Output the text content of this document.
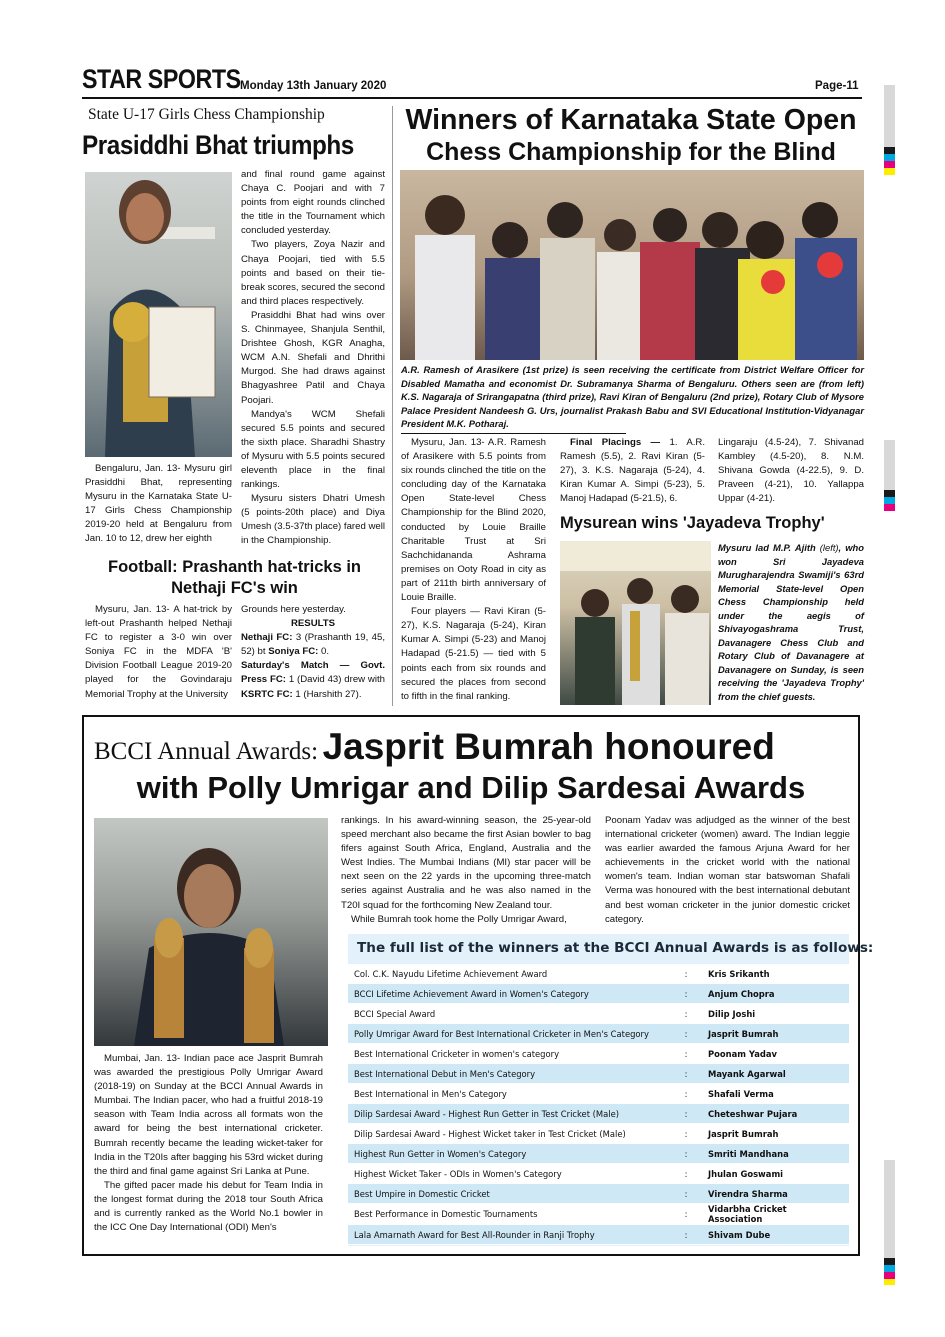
STAR SPORTS Monday 13th January 2020	Page-11
State U-17 Girls Chess Championship
Prasiddhi Bhat triumphs

Bengaluru, Jan. 13- Mysuru girl Prasiddhi Bhat, representing Mysuru in the Karnataka State U-17 Girls Chess Championship 2019-20 held at Bengaluru from Jan. 10 to 12, drew her eighth

and final round game against Chaya C. Poojari and with 7 points from eight rounds clinched the title in the Tournament which concluded yesterday.

Two players, Zoya Nazir and Chaya Poojari, tied with 5.5 points and based on their tie-break scores, secured the second and third places respectively.

Prasiddhi Bhat had wins over S. Chinmayee, Shanjula Senthil, Drishtee Ghosh, KGR Anagha, WCM A.N. Shefali and Dhrithi Murgod. She had draws against Bhagyashree Patil and Chaya Poojari.

Mandya's WCM Shefali secured 5.5 points and secured the sixth place. Sharadhi Shastry of Mysuru with 5.5 points secured eleventh place in the final rankings.

Mysuru sisters Dhatri Umesh (5 points-20th place) and Diya Umesh (3.5-37th place) fared well in the Championship.

Football: Prashanth hat-tricks in Nethaji FC's win

Mysuru, Jan. 13- A hat-trick by left-out Prashanth helped Nethaji FC to register a 3-0 win over Soniya FC in the MDFA 'B' Division Football League 2019-20 played for the Govindaraju Memorial Trophy at the University

Grounds here yesterday.

RESULTS

Nethaji FC: 3 (Prashanth 19, 45, 52) bt Soniya FC: 0.

Saturday's Match — Govt. Press FC: 1 (David 43) drew with KSRTC FC: 1 (Harshith 27).

Winners of Karnataka State Open
Chess Championship for the Blind
A.R. Ramesh of Arasikere (1st prize) is seen receiving the certificate from District Welfare Officer for Disabled Mamatha and economist Dr. Subramanya Sharma of Bengaluru. Others seen are (from left) K.S. Nagaraja of Srirangapatna (third prize), Ravi Kiran of Bengaluru (2nd prize), Rotary Club of Mysore Palace President Nandeesh G. Urs, journalist Prakash Babu and SVI Educational Institution-Vidyanagar President M.K. Potharaj.

Mysuru, Jan. 13- A.R. Ramesh of Arasikere with 5.5 points from six rounds clinched the title on the concluding day of the Karnataka Open State-level Chess Championship for the Blind 2020, conducted by Louie Braille Charitable Trust at Sri Sachchidananda Ashrama premises on Ooty Road in city as part of 211th birth anniversary of Louie Braille.

Four players — Ravi Kiran (5-27), K.S. Nagaraja (5-24), Kiran Kumar A. Simpi (5-23) and Manoj Hadapad (5-21.5) — tied with 5 points each from six rounds and secured the places from second to fifth in the final ranking.

Final Placings — 1. A.R. Ramesh (5.5), 2. Ravi Kiran (5-27), 3. K.S. Nagaraja (5-24), 4. Kiran Kumar A. Simpi (5-23), 5. Manoj Hadapad (5-21.5), 6.

Lingaraju (4.5-24), 7. Shivanad Kambley (4.5-20), 8. N.M. Shivana Gowda (4-22.5), 9. D. Praveen (4-21), 10. Yallappa Uppar (4-21).

Mysurean wins 'Jayadeva Trophy'
Mysuru lad M.P. Ajith (left), who won Sri Jayadeva Murugharajendra Swamiji's 63rd Memorial State-level Open Chess Championship held under the aegis of Shivayogashrama Trust, Davanagere Chess Club and Rotary Club of Davanagere at Davanagere on Sunday, is seen receiving the 'Jayadeva Trophy' from the chief guests.
BCCI Annual Awards: Jasprit Bumrah honoured
with Polly Umrigar and Dilip Sardesai Awards

Mumbai, Jan. 13- Indian pace ace Jasprit Bumrah was awarded the prestigious Polly Umrigar Award (2018-19) on Sunday at the BCCI Annual Awards in Mumbai. The Indian pacer, who had a fruitful 2018-19 season with Team India across all formats won the award for being the best international cricketer. Bumrah recently became the leading wicket-taker for India in the T20Is after bagging his 53rd wicket during the third and final game against Sri Lanka at Pune.

The gifted pacer made his debut for Team India in the longest format during the 2018 tour South Africa and is currently ranked as the World No.1 bowler in the ICC One Day International (ODI) Men's

rankings. In his award-winning season, the 25-year-old speed merchant also became the first Asian bowler to bag fifers against South Africa, England, Australia and the West Indies. The Mumbai Indians (MI) star pacer will be next seen on the 22 yards in the upcoming three-match series against Australia and he was also named in the T20I squad for the forthcoming New Zealand tour.

While Bumrah took home the Polly Umrigar Award,

Poonam Yadav was adjudged as the winner of the best international cricketer (women) award. The Indian leggie was earlier awarded the famous Arjuna Award for her achievements in the cricket world with the national women's team. Indian woman star batswoman Shafali Verma was honoured with the best international debutant and best woman cricketer in the junior domestic cricket category.

The full list of the winners at the BCCI Annual Awards is as follows:
Col. C.K. Nayudu Lifetime Achievement Award	:	Kris Srikanth
BCCI Lifetime Achievement Award in Women's Category	:	Anjum Chopra
BCCI Special Award	:	Dilip Joshi
Polly Umrigar Award for Best International Cricketer in Men's Category	:	Jasprit Bumrah
Best International Cricketer in women's category	:	Poonam Yadav
Best International Debut in Men's Category	:	Mayank Agarwal
Best International in Men's Category	:	Shafali Verma
Dilip Sardesai Award - Highest Run Getter in Test Cricket (Male)	:	Cheteshwar Pujara
Dilip Sardesai Award - Highest Wicket taker in Test Cricket (Male)	:	Jasprit Bumrah
Highest Run Getter in Women's Category	:	Smriti Mandhana
Highest Wicket Taker - ODIs in Women's Category	:	Jhulan Goswami
Best Umpire in Domestic Cricket	:	Virendra Sharma
Best Performance in Domestic Tournaments	:	Vidarbha Cricket Association
Lala Amarnath Award for Best All-Rounder in Ranji Trophy	:	Shivam Dube
